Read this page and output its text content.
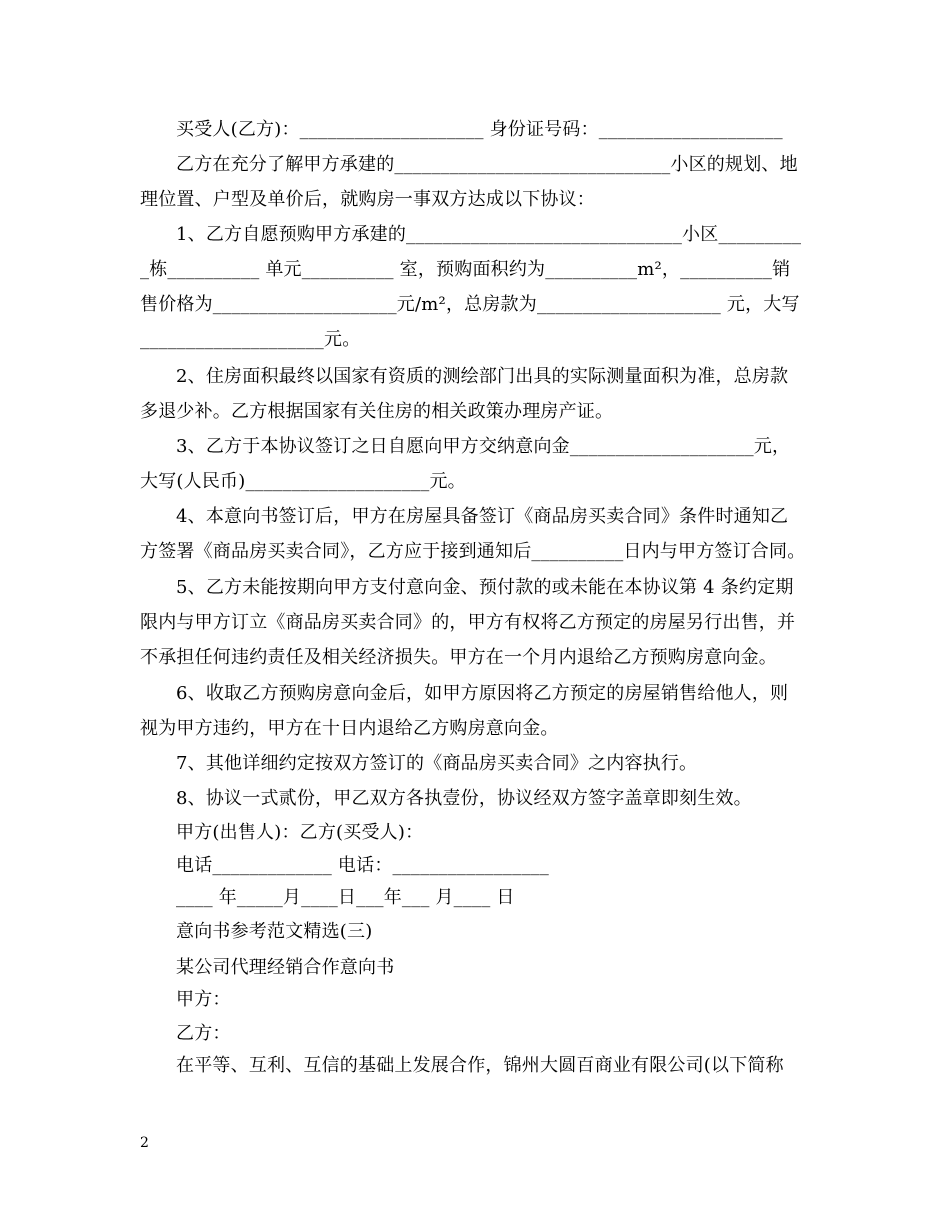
买受人(乙方)：____________________ 身份证号码：____________________
乙方在充分了解甲方承建的______________________________小区的规划、地
理位置、户型及单价后，就购房一事双方达成以下协议：
1、乙方自愿预购甲方承建的______________________________小区_________
_栋__________ 单元__________ 室，预购面积约为__________m²，__________销
售价格为____________________元/m²，总房款为____________________ 元，大写
____________________元。
2、住房面积最终以国家有资质的测绘部门出具的实际测量面积为准，总房款
多退少补。乙方根据国家有关住房的相关政策办理房产证。
3、乙方于本协议签订之日自愿向甲方交纳意向金____________________元，
大写(人民币)____________________元。
4、本意向书签订后，甲方在房屋具备签订《商品房买卖合同》条件时通知乙
方签署《商品房买卖合同》，乙方应于接到通知后__________日内与甲方签订合同。
5、乙方未能按期向甲方支付意向金、预付款的或未能在本协议第 4 条约定期
限内与甲方订立《商品房买卖合同》的，甲方有权将乙方预定的房屋另行出售，并
不承担任何违约责任及相关经济损失。甲方在一个月内退给乙方预购房意向金。
6、收取乙方预购房意向金后，如甲方原因将乙方预定的房屋销售给他人，则
视为甲方违约，甲方在十日内退给乙方购房意向金。
7、其他详细约定按双方签订的《商品房买卖合同》之内容执行。
8、协议一式贰份，甲乙双方各执壹份，协议经双方签字盖章即刻生效。
甲方(出售人)：乙方(买受人)：
电话_____________ 电话：_________________
____ 年_____月____日___年___ 月____ 日
意向书参考范文精选(三)
某公司代理经销合作意向书
甲方：
乙方：
在平等、互利、互信的基础上发展合作，锦州大圆百商业有限公司(以下简称
2
